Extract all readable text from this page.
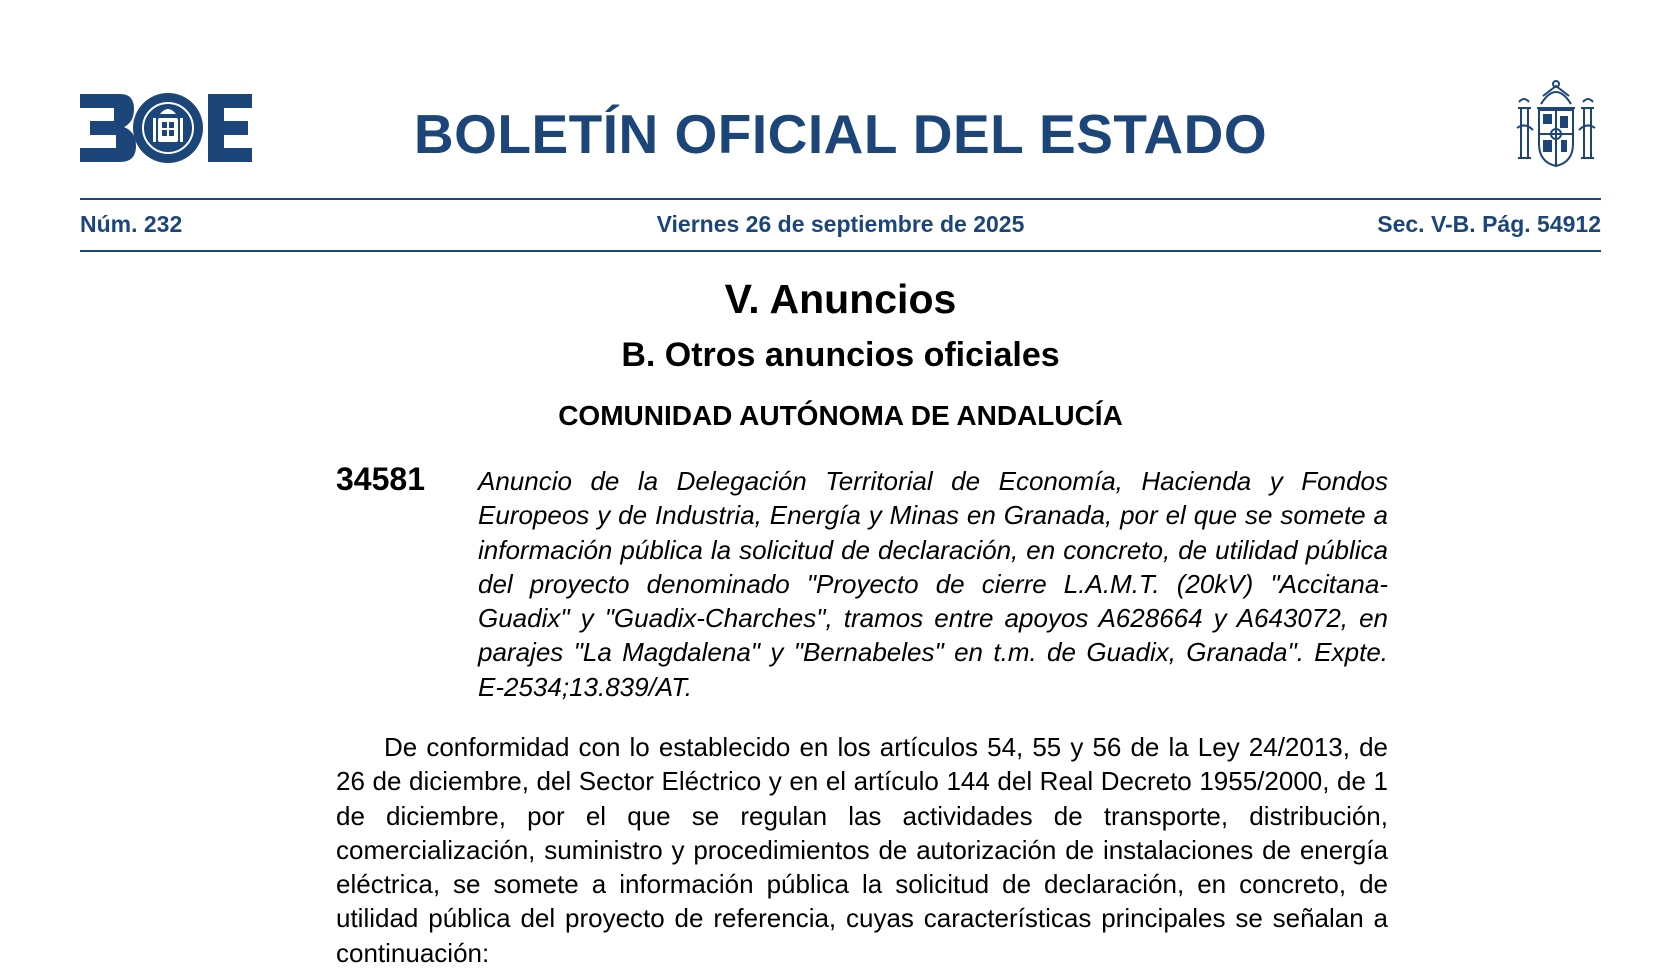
BOLETÍN OFICIAL DEL ESTADO
Núm. 232	Viernes 26 de septiembre de 2025	Sec. V-B. Pág. 54912
V. Anuncios
B. Otros anuncios oficiales
COMUNIDAD AUTÓNOMA DE ANDALUCÍA
34581 Anuncio de la Delegación Territorial de Economía, Hacienda y Fondos Europeos y de Industria, Energía y Minas en Granada, por el que se somete a información pública la solicitud de declaración, en concreto, de utilidad pública del proyecto denominado "Proyecto de cierre L.A.M.T. (20kV) "Accitana-Guadix" y "Guadix-Charches", tramos entre apoyos A628664 y A643072, en parajes "La Magdalena" y "Bernabeles" en t.m. de Guadix, Granada". Expte. E-2534;13.839/AT.

De conformidad con lo establecido en los artículos 54, 55 y 56 de la Ley 24/2013, de 26 de diciembre, del Sector Eléctrico y en el artículo 144 del Real Decreto 1955/2000, de 1 de diciembre, por el que se regulan las actividades de transporte, distribución, comercialización, suministro y procedimientos de autorización de instalaciones de energía eléctrica, se somete a información pública la solicitud de declaración, en concreto, de utilidad pública del proyecto de referencia, cuyas características principales se señalan a continuación:
